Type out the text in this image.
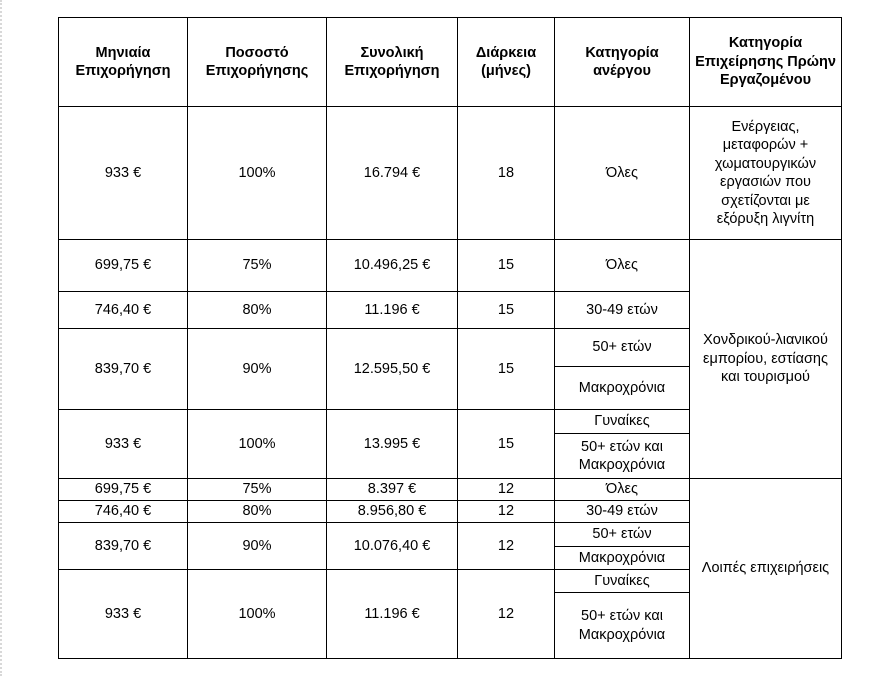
Μηνιαία Επιχορήγηση	Ποσοστό Επιχορήγησης	Συνολική Επιχορήγηση	Διάρκεια (μήνες)	Κατηγορία ανέργου	Κατηγορία Επιχείρησης Πρώην Εργαζομένου
933 €	100%	16.794 €	18	Όλες	Ενέργειας, μεταφορών + χωματουργικών εργασιών που σχετίζονται με εξόρυξη λιγνίτη
699,75 €	75%	10.496,25 €	15	Όλες	Χονδρικού-λιανικού εμπορίου, εστίασης και τουρισμού
746,40 €	80%	11.196 €	15	30-49 ετών	
839,70 €	90%	12.595,50 €	15	50+ ετών	
				Μακροχρόνια	
933 €	100%	13.995 €	15	Γυναίκες	
				50+ ετών και Μακροχρόνια	
699,75 €	75%	8.397 €	12	Όλες	Λοιπές επιχειρήσεις
746,40 €	80%	8.956,80 €	12	30-49 ετών	
839,70 €	90%	10.076,40 €	12	50+ ετών	
				Μακροχρόνια	
933 €	100%	11.196 €	12	Γυναίκες	
				50+ ετών και Μακροχρόνια	
